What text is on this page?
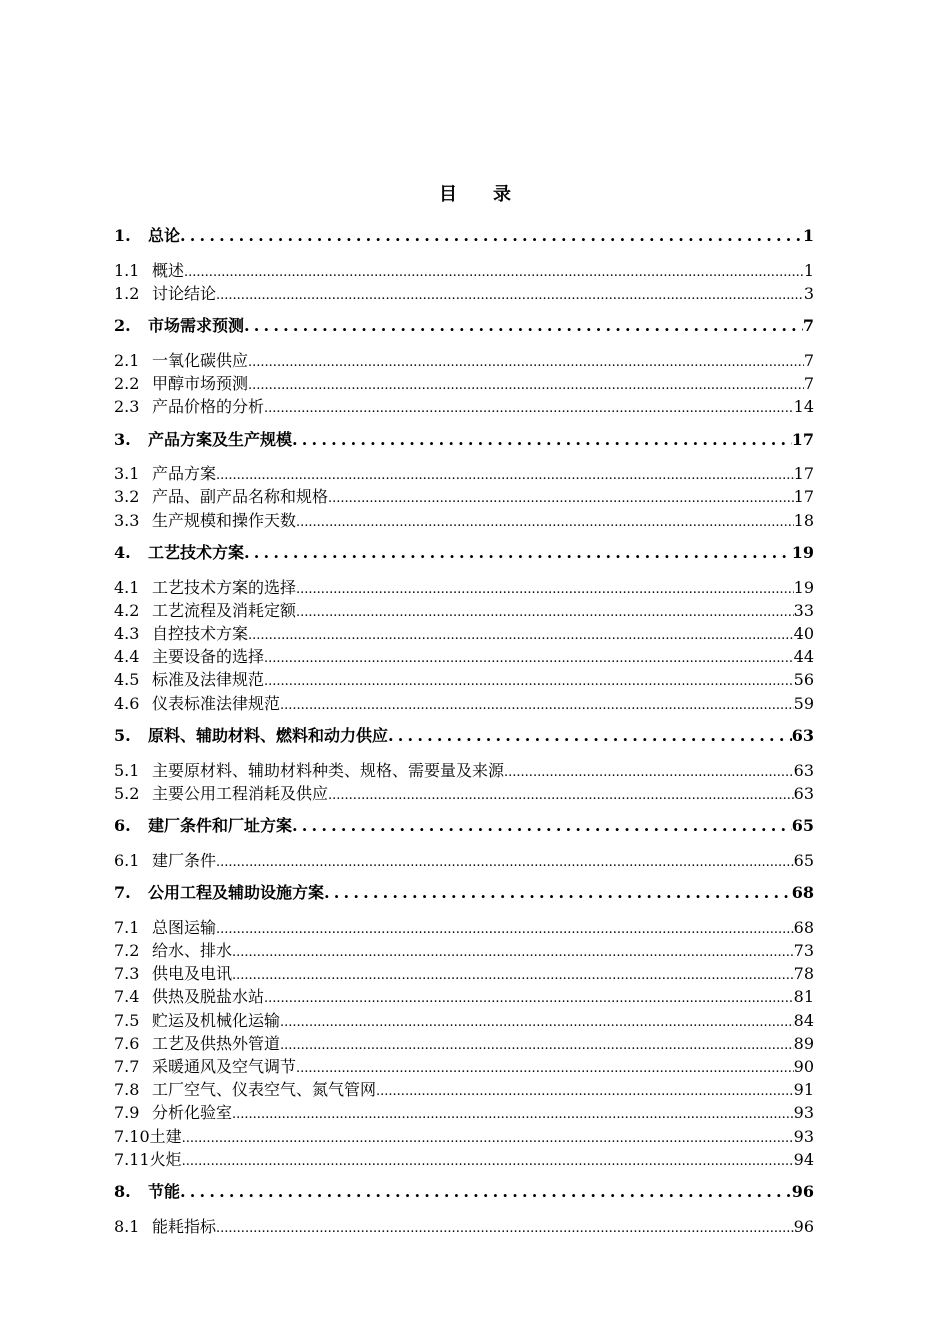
目 录
1.	总论 .....	1
1.1 概述 .....	1
1.2 讨论结论 .....	3
2.	市场需求预测 .....	7
2.1 一氧化碳供应 .....	7
2.2 甲醇市场预测 .....	7
2.3 产品价格的分析 .....	14
3.	产品方案及生产规模 .....	17
3.1 产品方案 .....	17
3.2 产品、副产品名称和规格 .....	17
3.3 生产规模和操作天数 .....	18
4.	工艺技术方案 .....	19
4.1 工艺技术方案的选择 .....	19
4.2 工艺流程及消耗定额 .....	33
4.3 自控技术方案 .....	40
4.4 主要设备的选择 .....	44
4.5 标准及法律规范 .....	56
4.6 仪表标准法律规范 .....	59
5.	原料、辅助材料、燃料和动力供应 .....	63
5.1 主要原材料、辅助材料种类、规格、需要量及来源 .....	63
5.2 主要公用工程消耗及供应 .....	63
6.	建厂条件和厂址方案 .....	65
6.1 建厂条件 .....	65
7.	公用工程及辅助设施方案 .....	68
7.1 总图运输 .....	68
7.2 给水、排水 .....	73
7.3 供电及电讯 .....	78
7.4 供热及脱盐水站 .....	81
7.5 贮运及机械化运输 .....	84
7.6 工艺及供热外管道 .....	89
7.7 采暖通风及空气调节 .....	90
7.8 工厂空气、仪表空气、氮气管网 .....	91
7.9 分析化验室 .....	93
7.10 土建 .....	93
7.11 火炬 .....	94
8.	节能 .....	96
8.1 能耗指标 .....	96
